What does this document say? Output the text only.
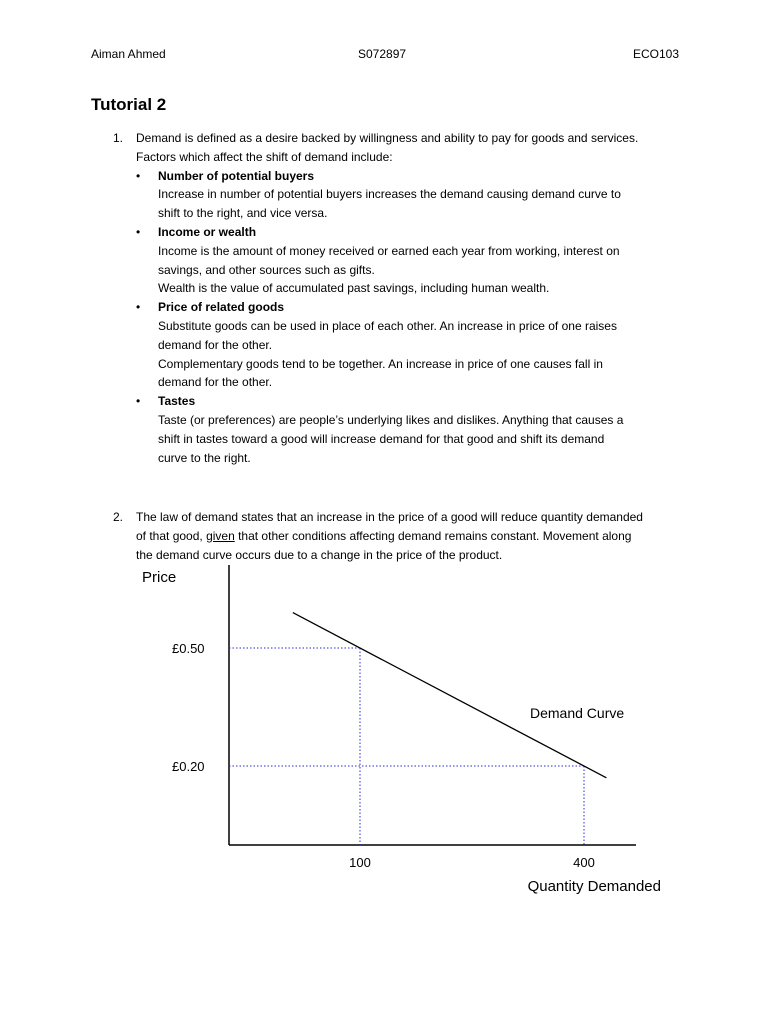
Aiman Ahmed	S072897	ECO103
Tutorial 2
1. Demand is defined as a desire backed by willingness and ability to pay for goods and services.
Factors which affect the shift of demand include:
• Number of potential buyers

Increase in number of potential buyers increases the demand causing demand curve to

shift to the right, and vice versa.

• Income or wealth

Income is the amount of money received or earned each year from working, interest on

savings, and other sources such as gifts.

Wealth is the value of accumulated past savings, including human wealth.

• Price of related goods

Substitute goods can be used in place of each other. An increase in price of one raises

demand for the other.

Complementary goods tend to be together. An increase in price of one causes fall in

demand for the other.

• Tastes

Taste (or preferences) are people’s underlying likes and dislikes. Anything that causes a

shift in tastes toward a good will increase demand for that good and shift its demand

curve to the right.

2. The law of demand states that an increase in the price of a good will reduce quantity demanded
of that good, given that other conditions affecting demand remains constant. Movement along
the demand curve occurs due to a change in the price of the product.
£0.50
£0.20
100	400
Price
Quantity Demanded
Demand Curve
